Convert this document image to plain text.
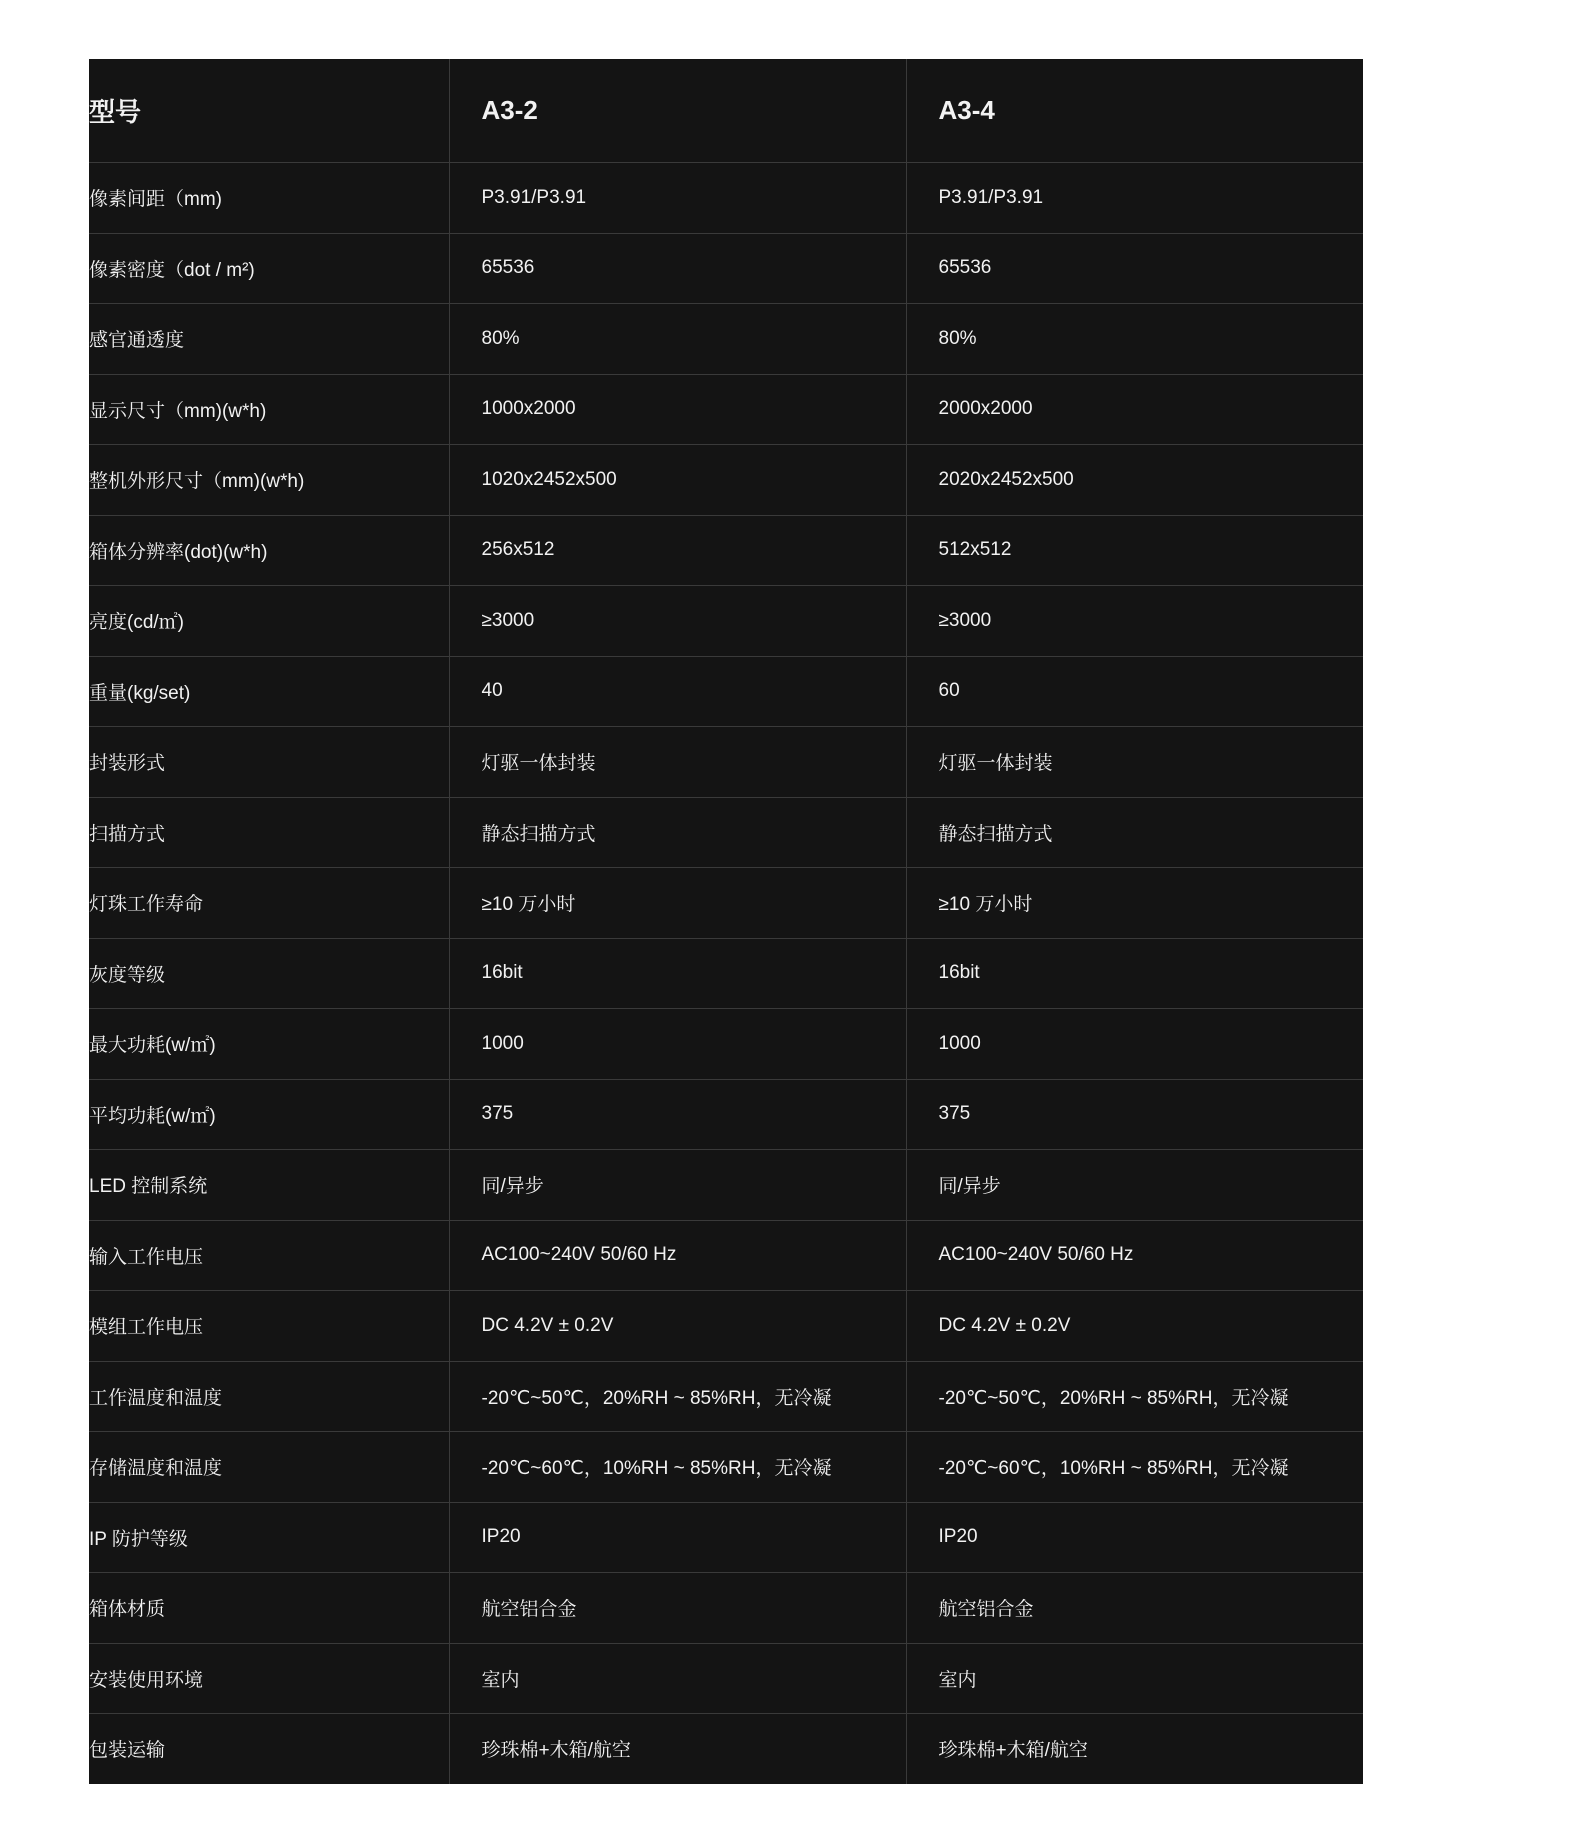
型号	A3-2	A3-4
像素间距（mm)	P3.91/P3.91	P3.91/P3.91
像素密度（dot / m²)	65536	65536
感官通透度	80%	80%
显示尺寸（mm)(w*h)	1000x2000	2000x2000
整机外形尺寸（mm)(w*h)	1020x2452x500	2020x2452x500
箱体分辨率(dot)(w*h)	256x512	512x512
亮度(cd/㎡)	≥3000	≥3000
重量(kg/set)	40	60
封装形式	灯驱一体封装	灯驱一体封装
扫描方式	静态扫描方式	静态扫描方式
灯珠工作寿命	≥10 万小时	≥10 万小时
灰度等级	16bit	16bit
最大功耗(w/㎡)	1000	1000
平均功耗(w/㎡)	375	375
LED 控制系统	同/异步	同/异步
输入工作电压	AC100~240V 50/60 Hz	AC100~240V 50/60 Hz
模组工作电压	DC 4.2V ± 0.2V	DC 4.2V ± 0.2V
工作温度和温度	-20℃~50℃，20%RH ~ 85%RH，无冷凝	-20℃~50℃，20%RH ~ 85%RH，无冷凝
存储温度和温度	-20℃~60℃，10%RH ~ 85%RH，无冷凝	-20℃~60℃，10%RH ~ 85%RH，无冷凝
IP 防护等级	IP20	IP20
箱体材质	航空铝合金	航空铝合金
安装使用环境	室内	室内
包装运输	珍珠棉+木箱/航空	珍珠棉+木箱/航空
